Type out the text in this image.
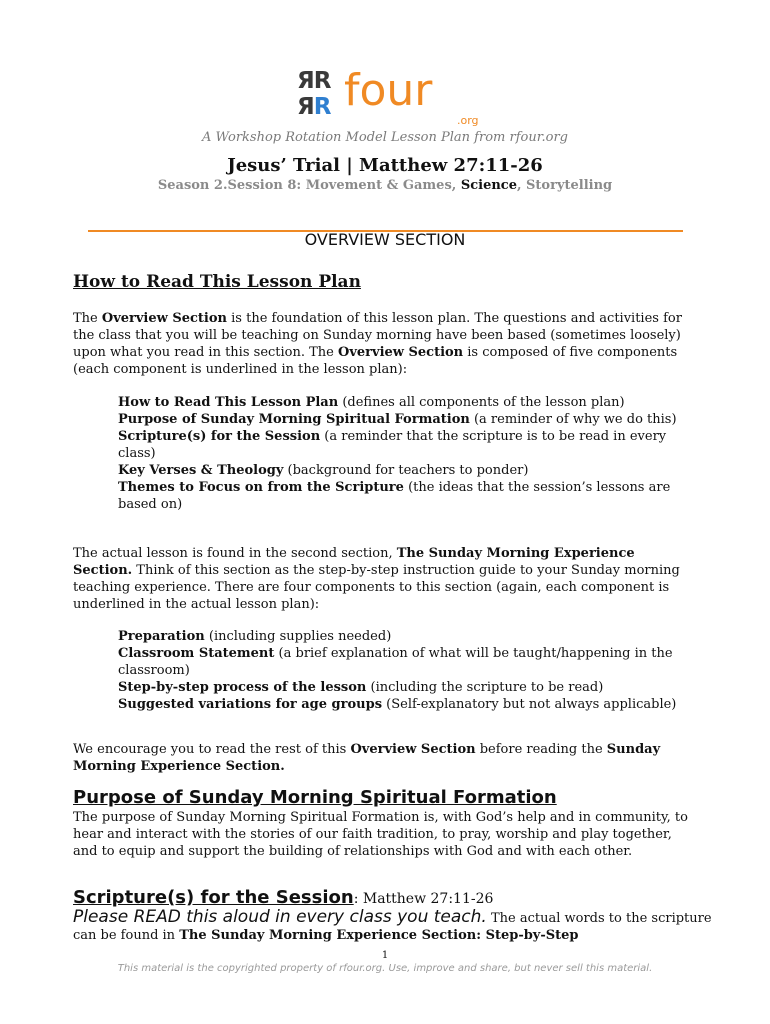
ЯR
ЯR four
.org
A Workshop Rotation Model Lesson Plan from rfour.org
Jesus’ Trial | Matthew 27:11-26
Season 2.Session 8: Movement & Games, Science, Storytelling
OVERVIEW SECTION
How to Read This Lesson Plan

The Overview Section is the foundation of this lesson plan. The questions and activities for the class that you will be teaching on Sunday morning have been based (sometimes loosely) upon what you read in this section. The Overview Section is composed of five components (each component is underlined in the lesson plan):

How to Read This Lesson Plan (defines all components of the lesson plan)
Purpose of Sunday Morning Spiritual Formation (a reminder of why we do this)
Scripture(s) for the Session (a reminder that the scripture is to be read in every class)
Key Verses & Theology (background for teachers to ponder)
Themes to Focus on from the Scripture (the ideas that the session’s lessons are based on)

The actual lesson is found in the second section, The Sunday Morning Experience Section. Think of this section as the step-by-step instruction guide to your Sunday morning teaching experience. There are four components to this section (again, each component is underlined in the actual lesson plan):

Preparation (including supplies needed)
Classroom Statement (a brief explanation of what will be taught/happening in the classroom)
Step-by-step process of the lesson (including the scripture to be read)
Suggested variations for age groups (Self-explanatory but not always applicable)

We encourage you to read the rest of this Overview Section before reading the Sunday Morning Experience Section.

Purpose of Sunday Morning Spiritual Formation

The purpose of Sunday Morning Spiritual Formation is, with God’s help and in community, to hear and interact with the stories of our faith tradition, to pray, worship and play together, and to equip and support the building of relationships with God and with each other.

Scripture(s) for the Session: Matthew 27:11-26

Please READ this aloud in every class you teach. The actual words to the scripture can be found in The Sunday Morning Experience Section: Step-by-Step

1
This material is the copyrighted property of rfour.org. Use, improve and share, but never sell this material.
